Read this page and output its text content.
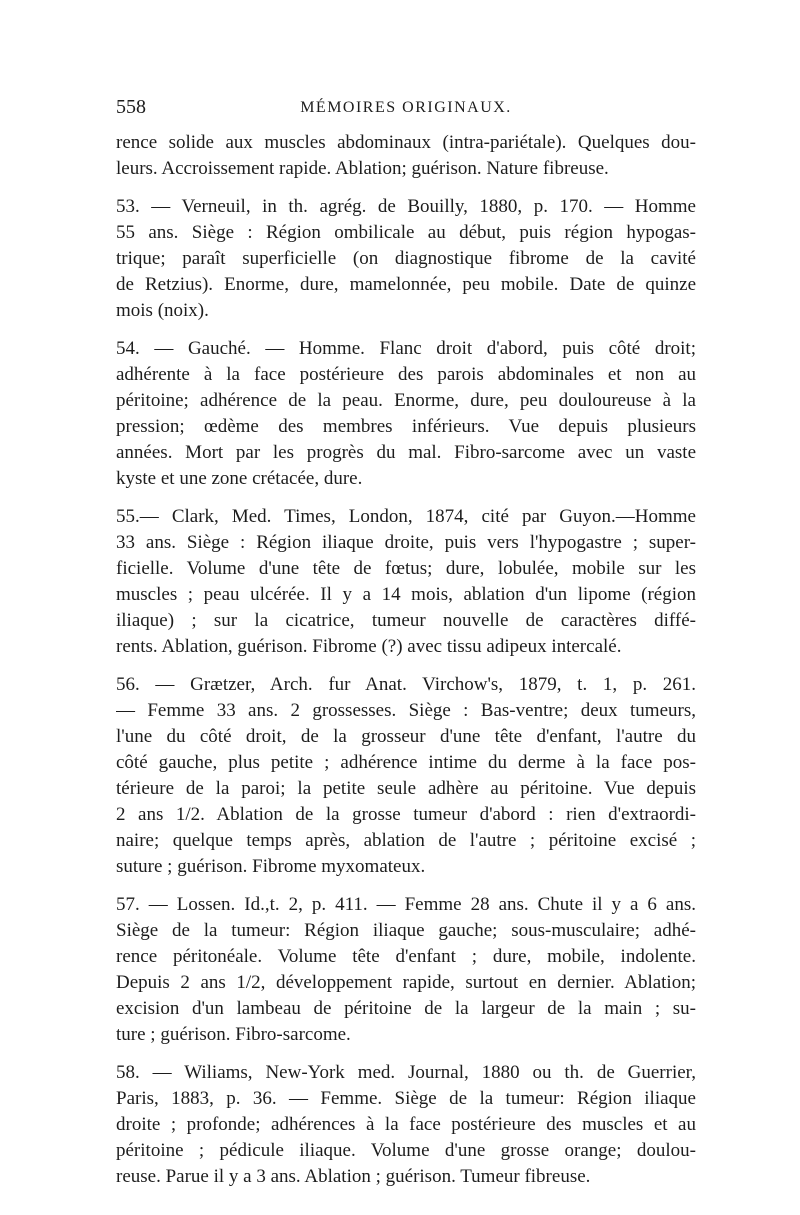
558	MÉMOIRES ORIGINAUX.
rence solide aux muscles abdominaux (intra-pariétale). Quelques dou-
leurs. Accroissement rapide. Ablation; guérison. Nature fibreuse.
53. — Verneuil, in th. agrég. de Bouilly, 1880, p. 170. — Homme
55 ans. Siège : Région ombilicale au début, puis région hypogas-
trique; paraît superficielle (on diagnostique fibrome de la cavité
de Retzius). Enorme, dure, mamelonnée, peu mobile. Date de quinze
mois (noix).
54. — Gauché. — Homme. Flanc droit d'abord, puis côté droit;
adhérente à la face postérieure des parois abdominales et non au
péritoine; adhérence de la peau. Enorme, dure, peu douloureuse à la
pression; œdème des membres inférieurs. Vue depuis plusieurs
années. Mort par les progrès du mal. Fibro-sarcome avec un vaste
kyste et une zone crétacée, dure.
55.— Clark, Med. Times, London, 1874, cité par Guyon.—Homme
33 ans. Siège : Région iliaque droite, puis vers l'hypogastre ; super-
ficielle. Volume d'une tête de fœtus; dure, lobulée, mobile sur les
muscles ; peau ulcérée. Il y a 14 mois, ablation d'un lipome (région
iliaque) ; sur la cicatrice, tumeur nouvelle de caractères diffé-
rents. Ablation, guérison. Fibrome (?) avec tissu adipeux intercalé.
56. — Grætzer, Arch. fur Anat. Virchow's, 1879, t. 1, p. 261.
— Femme 33 ans. 2 grossesses. Siège : Bas-ventre; deux tumeurs,
l'une du côté droit, de la grosseur d'une tête d'enfant, l'autre du
côté gauche, plus petite ; adhérence intime du derme à la face pos-
térieure de la paroi; la petite seule adhère au péritoine. Vue depuis
2 ans 1/2. Ablation de la grosse tumeur d'abord : rien d'extraordi-
naire; quelque temps après, ablation de l'autre ; péritoine excisé ;
suture ; guérison. Fibrome myxomateux.
57. — Lossen. Id.,t. 2, p. 411. — Femme 28 ans. Chute il y a 6 ans.
Siège de la tumeur: Région iliaque gauche; sous-musculaire; adhé-
rence péritonéale. Volume tête d'enfant ; dure, mobile, indolente.
Depuis 2 ans 1/2, développement rapide, surtout en dernier. Ablation;
excision d'un lambeau de péritoine de la largeur de la main ; su-
ture ; guérison. Fibro-sarcome.
58. — Wiliams, New-York med. Journal, 1880 ou th. de Guerrier,
Paris, 1883, p. 36. — Femme. Siège de la tumeur: Région iliaque
droite ; profonde; adhérences à la face postérieure des muscles et au
péritoine ; pédicule iliaque. Volume d'une grosse orange; doulou-
reuse. Parue il y a 3 ans. Ablation ; guérison. Tumeur fibreuse.
